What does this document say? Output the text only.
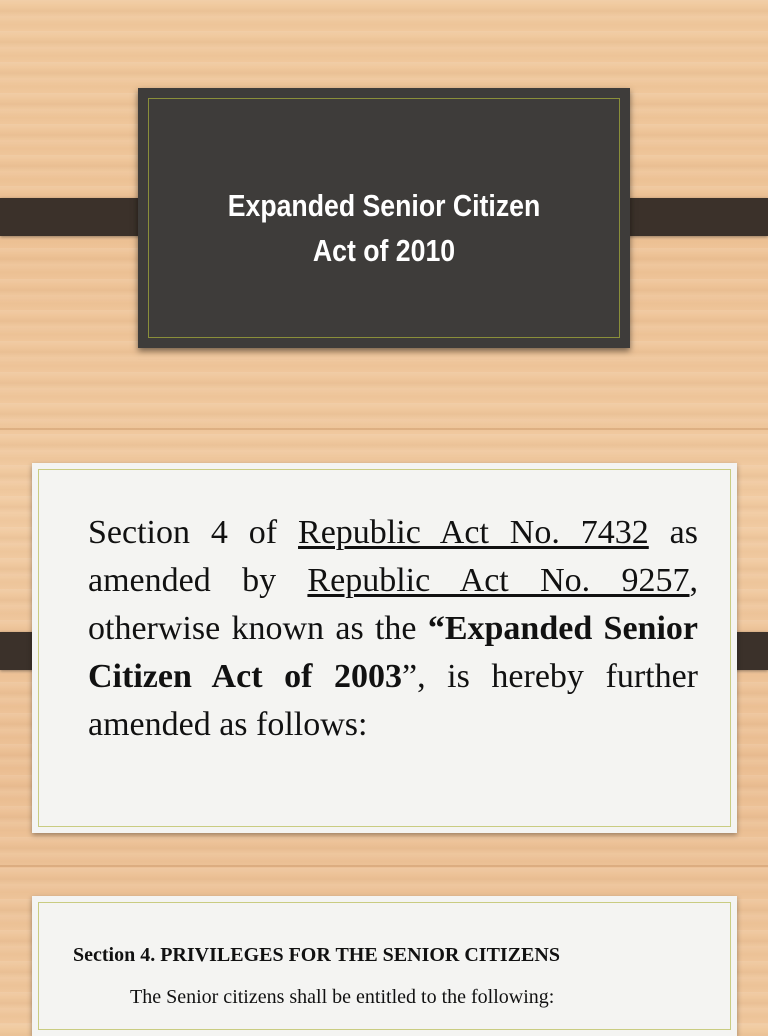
Expanded Senior Citizen
Act of 2010
Section 4 of Republic Act No. 7432 as amended by Republic Act No. 9257, otherwise known as the “Expanded Senior Citizen Act of 2003”, is hereby further amended as follows:
Section 4. PRIVILEGES FOR THE SENIOR CITIZENS
The Senior citizens shall be entitled to the following:
